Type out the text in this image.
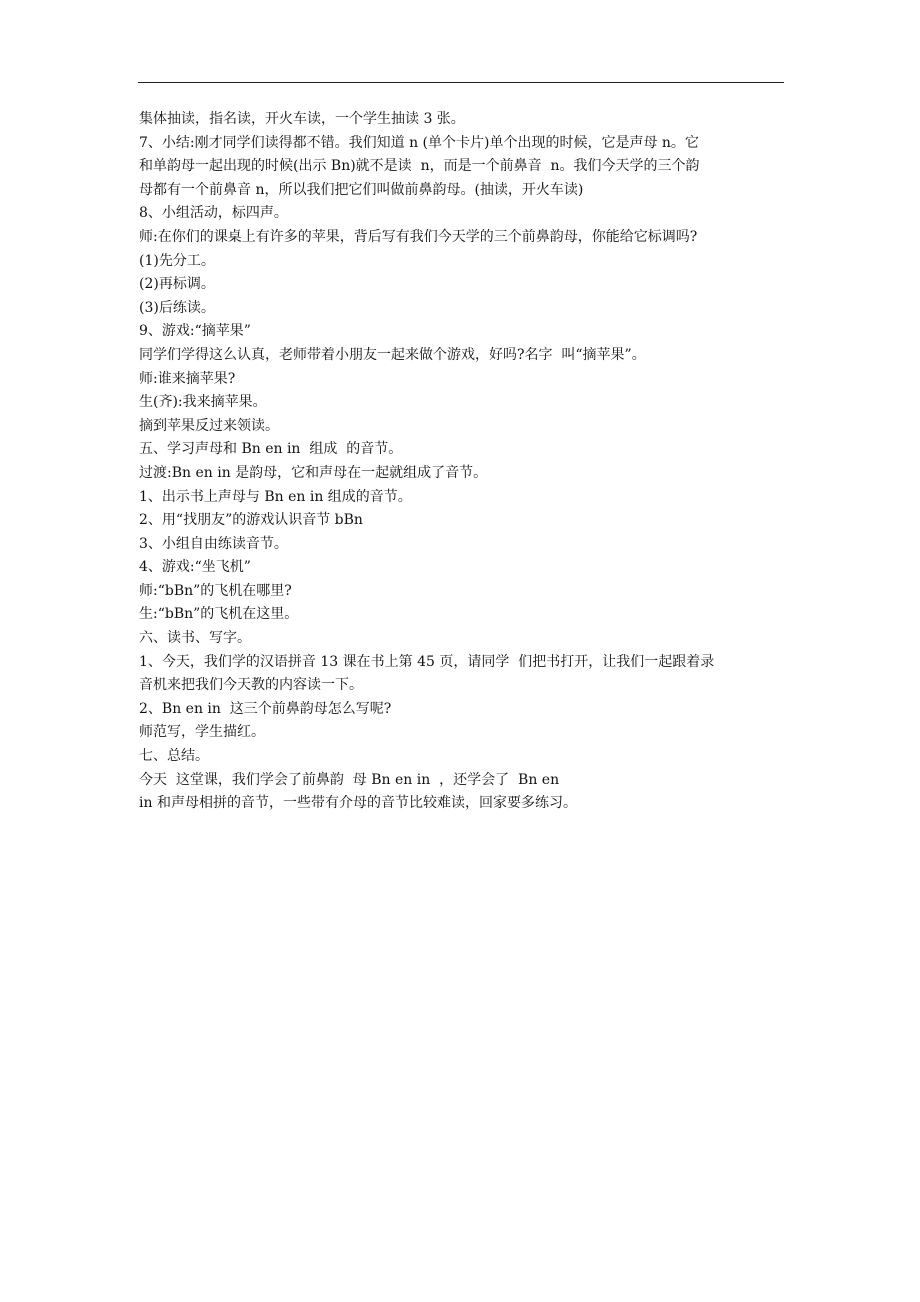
集体抽读，指名读，开火车读，一个学生抽读 3 张。
7、小结:刚才同学们读得都不错。我们知道 n (单个卡片)单个出现的时候，它是声母 n。它
和单韵母一起出现的时候(出示 Bn)就不是读  n，而是一个前鼻音  n。我们今天学的三个韵
母都有一个前鼻音 n，所以我们把它们叫做前鼻韵母。(抽读，开火车读)
8、小组活动，标四声。
师:在你们的课桌上有许多的苹果，背后写有我们今天学的三个前鼻韵母，你能给它标调吗?
(1)先分工。
(2)再标调。
(3)后练读。
9、游戏:“摘苹果”
同学们学得这么认真，老师带着小朋友一起来做个游戏，好吗?名字  叫“摘苹果”。
师:谁来摘苹果?
生(齐):我来摘苹果。
摘到苹果反过来领读。
五、学习声母和 Bn en in  组成  的音节。
过渡:Bn en in 是韵母，它和声母在一起就组成了音节。
1、出示书上声母与 Bn en in 组成的音节。
2、用“找朋友”的游戏认识音节 bBn
3、小组自由练读音节。
4、游戏:“坐飞机”
师:“bBn”的飞机在哪里?
生:“bBn”的飞机在这里。
六、读书、写字。
1、今天，我们学的汉语拼音 13 课在书上第 45 页，请同学  们把书打开，让我们一起跟着录
音机来把我们今天教的内容读一下。
2、Bn en in  这三个前鼻韵母怎么写呢?
师范写，学生描红。
七、总结。
今天  这堂课，我们学会了前鼻韵  母 Bn en in  ，还学会了  Bn en
in 和声母相拼的音节，一些带有介母的音节比较难读，回家要多练习。
